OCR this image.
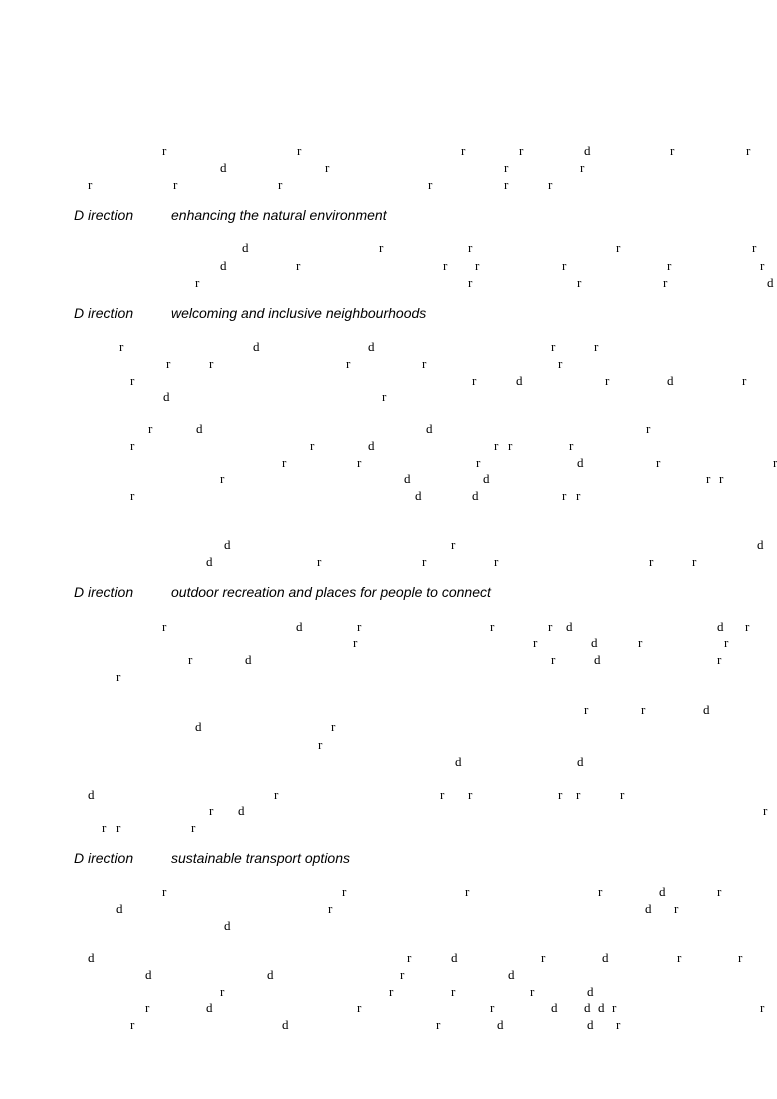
D irection	enhancing the natural environment
D irection	welcoming and inclusive neighbourhoods
D irection	outdoor recreation and places for people to connect
D irection	sustainable transport options
r	r	r	r	d	r	r
d	r	r	r
r	r	r	r	r	r
d	r	r	r	r
d	r	r r	r	r	r
r	r	r	r	d
r	d	d	r	r
r	r	r	r	r
r	r	d	r	d	r
d	r
r	d	d	r
r	r	d	r r	r
r	r	r	d	r	r
r	d	d	r r
r	d	d	r r
d	r	d
d	r	r	r	r	r
r	d	r	r	r d	d r
r	r	d	r	r
r	d	r	d	r
r
r	r	d
d	r
r
d	d
d	r	r r	r r	r
r d	r
r r	r
r	r	r	r	d	r
d	r	d r
d
d	r	d	r	d	r	r
d	d	r	d
r	r	r	r	d
r	d	r	r	d d d r	r
r	d	r	d	d r
